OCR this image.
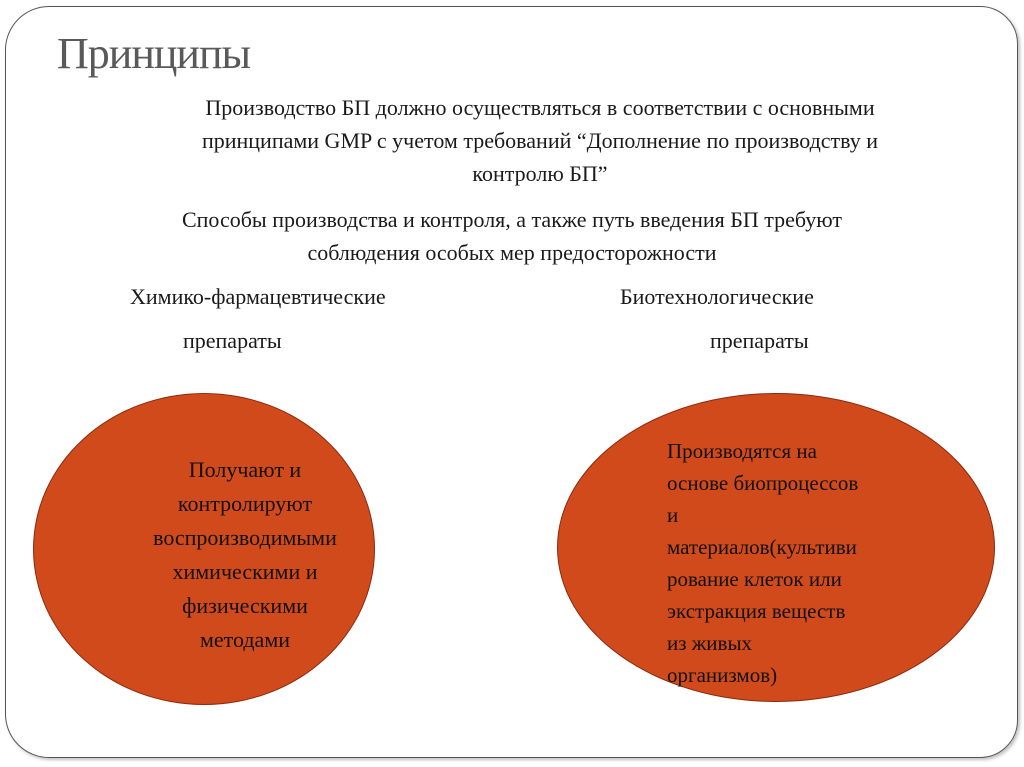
Принципы
Производство БП должно осуществляться в соответствии с основными
принципами GMP с учетом требований “Дополнение по производству и
контролю БП”
Способы производства и контроля, а также путь введения БП требуют
соблюдения особых мер предосторожности
Химико-фармацевтические
препараты
Биотехнологические
препараты
Получают и
контролируют
воспроизводимыми
химическими и
физическими
методами
Производятся на
основе биопроцессов
и
материалов(культиви
рование клеток или
экстракция веществ
из живых
организмов)
